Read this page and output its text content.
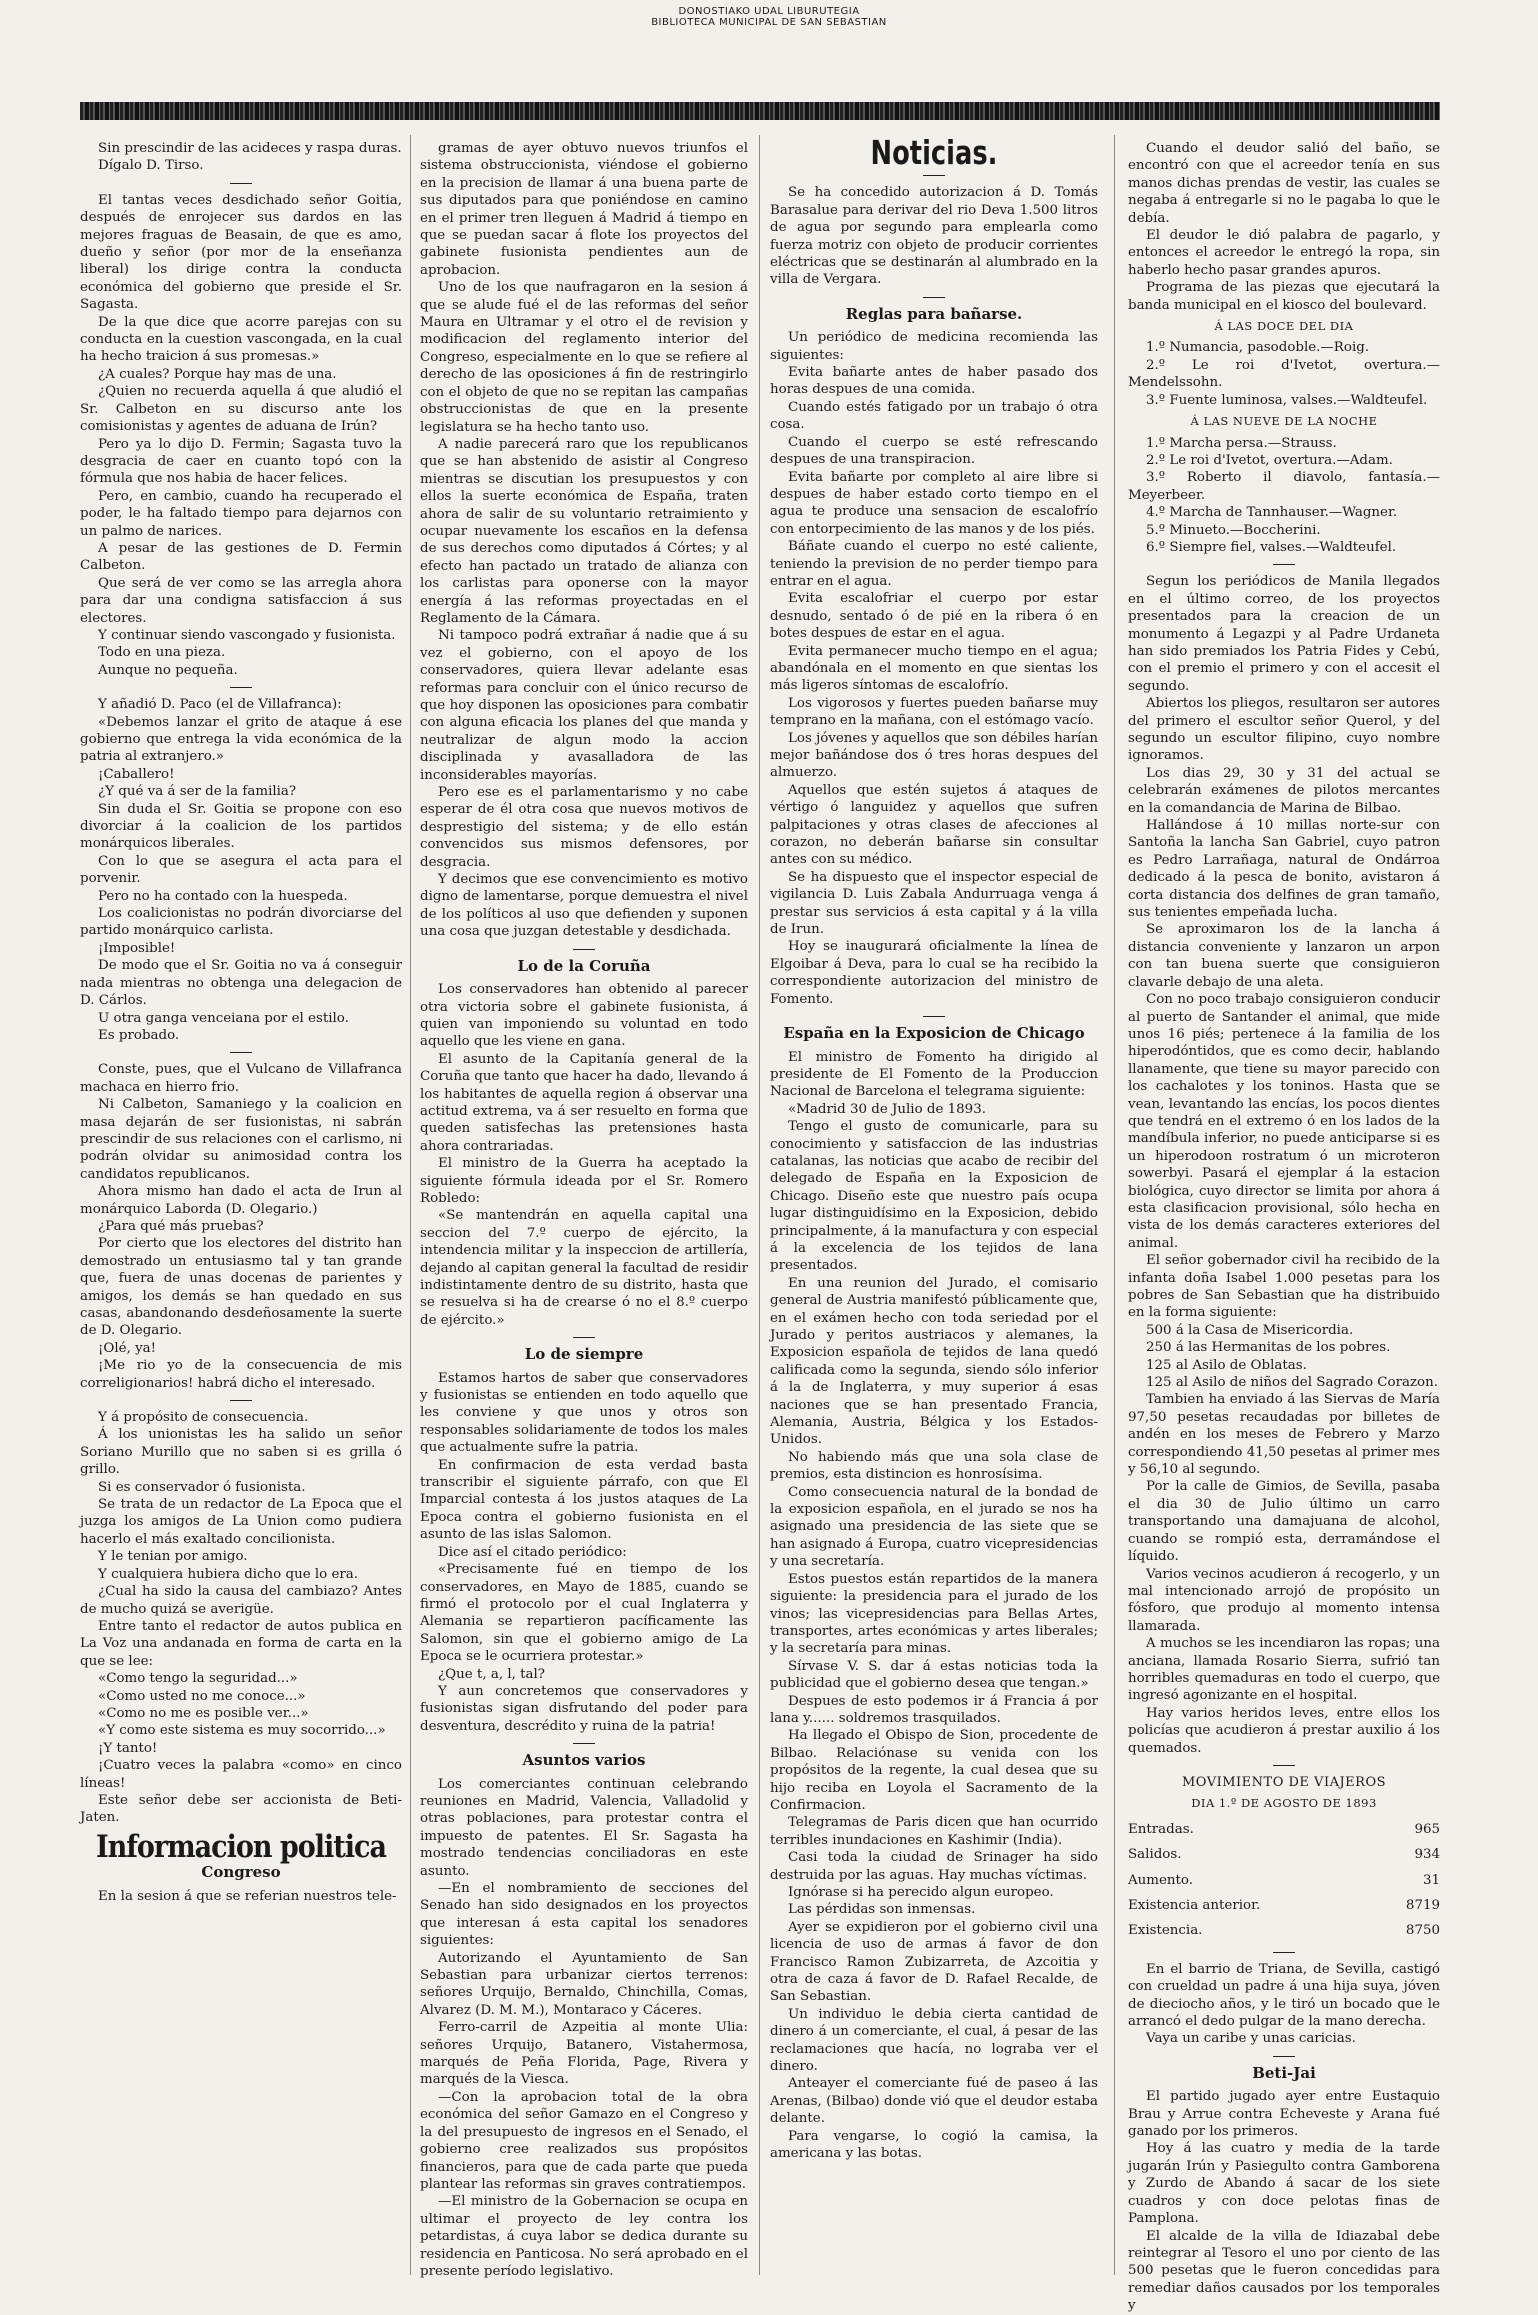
DONOSTIAKO UDAL LIBURUTEGIA
BIBLIOTECA MUNICIPAL DE SAN SEBASTIAN

Sin prescindir de las acideces y raspa duras.

Dígalo D. Tirso.

El tantas veces desdichado señor Goitia, después de enrojecer sus dardos en las mejores fraguas de Beasain, de que es amo, dueño y señor (por mor de la enseñanza liberal) los dirige contra la conducta económica del gobierno que preside el Sr. Sagasta.

De la que dice que acorre parejas con su conducta en la cuestion vascongada, en la cual ha hecho traicion á sus promesas.»

¿A cuales? Porque hay mas de una.

¿Quien no recuerda aquella á que aludió el Sr. Calbeton en su discurso ante los comisionistas y agentes de aduana de Irún?

Pero ya lo dijo D. Fermin; Sagasta tuvo la desgracia de caer en cuanto topó con la fórmula que nos habia de hacer felices.

Pero, en cambio, cuando ha recuperado el poder, le ha faltado tiempo para dejarnos con un palmo de narices.

A pesar de las gestiones de D. Fermin Calbeton.

Que será de ver como se las arregla ahora para dar una condigna satisfaccion á sus electores.

Y continuar siendo vascongado y fusionista.

Todo en una pieza.

Aunque no pequeña.

Y añadió D. Paco (el de Villafranca):

«Debemos lanzar el grito de ataque á ese gobierno que entrega la vida económica de la patria al extranjero.»

¡Caballero!

¿Y qué va á ser de la familia?

Sin duda el Sr. Goitia se propone con eso divorciar á la coalicion de los partidos monárquicos liberales.

Con lo que se asegura el acta para el porvenir.

Pero no ha contado con la huespeda.

Los coalicionistas no podrán divorciarse del partido monárquico carlista.

¡Imposible!

De modo que el Sr. Goitia no va á conseguir nada mientras no obtenga una delegacion de D. Cárlos.

U otra ganga venceiana por el estilo.

Es probado.

Conste, pues, que el Vulcano de Villafranca machaca en hierro frio.

Ni Calbeton, Samaniego y la coalicion en masa dejarán de ser fusionistas, ni sabrán prescindir de sus relaciones con el carlismo, ni podrán olvidar su animosidad contra los candidatos republicanos.

Ahora mismo han dado el acta de Irun al monárquico Laborda (D. Olegario.)

¿Para qué más pruebas?

Por cierto que los electores del distrito han demostrado un entusiasmo tal y tan grande que, fuera de unas docenas de parientes y amigos, los demás se han quedado en sus casas, abandonando desdeñosamente la suerte de D. Olegario.

¡Olé, ya!

¡Me rio yo de la consecuencia de mis correligionarios! habrá dicho el interesado.

Y á propósito de consecuencia.

Á los unionistas les ha salido un señor Soriano Murillo que no saben si es grilla ó grillo.

Si es conservador ó fusionista.

Se trata de un redactor de La Epoca que el juzga los amigos de La Union como pudiera hacerlo el más exaltado concilionista.

Y le tenian por amigo.

Y cualquiera hubiera dicho que lo era.

¿Cual ha sido la causa del cambiazo? Antes de mucho quizá se averigüe.

Entre tanto el redactor de autos publica en La Voz una andanada en forma de carta en la que se lee:

«Como tengo la seguridad...»

«Como usted no me conoce...»

«Como no me es posible ver...»

«Y como este sistema es muy socorrido...»

¡Y tanto!

¡Cuatro veces la palabra «como» en cinco líneas!

Este señor debe ser accionista de Beti-Jaten.

Informacion politica
Congreso

En la sesion á que se referian nuestros tele-

gramas de ayer obtuvo nuevos triunfos el sistema obstruccionista, viéndose el gobierno en la precision de llamar á una buena parte de sus diputados para que poniéndose en camino en el primer tren lleguen á Madrid á tiempo en que se puedan sacar á flote los proyectos del gabinete fusionista pendientes aun de aprobacion.

Uno de los que naufragaron en la sesion á que se alude fué el de las reformas del señor Maura en Ultramar y el otro el de revision y modificacion del reglamento interior del Congreso, especialmente en lo que se refiere al derecho de las oposiciones á fin de restringirlo con el objeto de que no se repitan las campañas obstruccionistas de que en la presente legislatura se ha hecho tanto uso.

A nadie parecerá raro que los republicanos que se han abstenido de asistir al Congreso mientras se discutian los presupuestos y con ellos la suerte económica de España, traten ahora de salir de su voluntario retraimiento y ocupar nuevamente los escaños en la defensa de sus derechos como diputados á Córtes; y al efecto han pactado un tratado de alianza con los carlistas para oponerse con la mayor energía á las reformas proyectadas en el Reglamento de la Cámara.

Ni tampoco podrá extrañar á nadie que á su vez el gobierno, con el apoyo de los conservadores, quiera llevar adelante esas reformas para concluir con el único recurso de que hoy disponen las oposiciones para combatir con alguna eficacia los planes del que manda y neutralizar de algun modo la accion disciplinada y avasalladora de las inconsiderables mayorías.

Pero ese es el parlamentarismo y no cabe esperar de él otra cosa que nuevos motivos de desprestigio del sistema; y de ello están convencidos sus mismos defensores, por desgracia.

Y decimos que ese convencimiento es motivo digno de lamentarse, porque demuestra el nivel de los políticos al uso que defienden y suponen una cosa que juzgan detestable y desdichada.

Lo de la Coruña

Los conservadores han obtenido al parecer otra victoria sobre el gabinete fusionista, á quien van imponiendo su voluntad en todo aquello que les viene en gana.

El asunto de la Capitanía general de la Coruña que tanto que hacer ha dado, llevando á los habitantes de aquella region á observar una actitud extrema, va á ser resuelto en forma que queden satisfechas las pretensiones hasta ahora contrariadas.

El ministro de la Guerra ha aceptado la siguiente fórmula ideada por el Sr. Romero Robledo:

«Se mantendrán en aquella capital una seccion del 7.º cuerpo de ejército, la intendencia militar y la inspeccion de artillería, dejando al capitan general la facultad de residir indistintamente dentro de su distrito, hasta que se resuelva si ha de crearse ó no el 8.º cuerpo de ejército.»

Lo de siempre

Estamos hartos de saber que conservadores y fusionistas se entienden en todo aquello que les conviene y que unos y otros son responsables solidariamente de todos los males que actualmente sufre la patria.

En confirmacion de esta verdad basta transcribir el siguiente párrafo, con que El Imparcial contesta á los justos ataques de La Epoca contra el gobierno fusionista en el asunto de las islas Salomon.

Dice así el citado periódico:

«Precisamente fué en tiempo de los conservadores, en Mayo de 1885, cuando se firmó el protocolo por el cual Inglaterra y Alemania se repartieron pacíficamente las Salomon, sin que el gobierno amigo de La Epoca se le ocurriera protestar.»

¿Que t, a, l, tal?

Y aun concretemos que conservadores y fusionistas sigan disfrutando del poder para desventura, descrédito y ruina de la patria!

Asuntos varios

Los comerciantes continuan celebrando reuniones en Madrid, Valencia, Valladolid y otras poblaciones, para protestar contra el impuesto de patentes. El Sr. Sagasta ha mostrado tendencias conciliadoras en este asunto.

—En el nombramiento de secciones del Senado han sido designados en los proyectos que interesan á esta capital los senadores siguientes:

Autorizando el Ayuntamiento de San Sebastian para urbanizar ciertos terrenos: señores Urquijo, Bernaldo, Chinchilla, Comas, Alvarez (D. M. M.), Montaraco y Cáceres.

Ferro-carril de Azpeitia al monte Ulia: señores Urquijo, Batanero, Vistahermosa, marqués de Peña Florida, Page, Rivera y marqués de la Viesca.

—Con la aprobacion total de la obra económica del señor Gamazo en el Congreso y la del presupuesto de ingresos en el Senado, el gobierno cree realizados sus propósitos financieros, para que de cada parte que pueda plantear las reformas sin graves contratiempos.

—El ministro de la Gobernacion se ocupa en ultimar el proyecto de ley contra los petardistas, á cuya labor se dedica durante su residencia en Panticosa. No será aprobado en el presente período legislativo.

Noticias.

Se ha concedido autorizacion á D. Tomás Barasalue para derivar del rio Deva 1.500 litros de agua por segundo para emplearla como fuerza motriz con objeto de producir corrientes eléctricas que se destinarán al alumbrado en la villa de Vergara.

Reglas para bañarse.

Un periódico de medicina recomienda las siguientes:

Evita bañarte antes de haber pasado dos horas despues de una comida.

Cuando estés fatigado por un trabajo ó otra cosa.

Cuando el cuerpo se esté refrescando despues de una transpiracion.

Evita bañarte por completo al aire libre si despues de haber estado corto tiempo en el agua te produce una sensacion de escalofrío con entorpecimiento de las manos y de los piés.

Báñate cuando el cuerpo no esté caliente, teniendo la prevision de no perder tiempo para entrar en el agua.

Evita escalofriar el cuerpo por estar desnudo, sentado ó de pié en la ribera ó en botes despues de estar en el agua.

Evita permanecer mucho tiempo en el agua; abandónala en el momento en que sientas los más ligeros síntomas de escalofrío.

Los vigorosos y fuertes pueden bañarse muy temprano en la mañana, con el estómago vacío.

Los jóvenes y aquellos que son débiles harían mejor bañándose dos ó tres horas despues del almuerzo.

Aquellos que estén sujetos á ataques de vértigo ó languidez y aquellos que sufren palpitaciones y otras clases de afecciones al corazon, no deberán bañarse sin consultar antes con su médico.

Se ha dispuesto que el inspector especial de vigilancia D. Luis Zabala Andurruaga venga á prestar sus servicios á esta capital y á la villa de Irun.

Hoy se inaugurará oficialmente la línea de Elgoibar á Deva, para lo cual se ha recibido la correspondiente autorizacion del ministro de Fomento.

España en la Exposicion de Chicago

El ministro de Fomento ha dirigido al presidente de El Fomento de la Produccion Nacional de Barcelona el telegrama siguiente:

«Madrid 30 de Julio de 1893.

Tengo el gusto de comunicarle, para su conocimiento y satisfaccion de las industrias catalanas, las noticias que acabo de recibir del delegado de España en la Exposicion de Chicago. Diseño este que nuestro país ocupa lugar distinguidísimo en la Exposicion, debido principalmente, á la manufactura y con especial á la excelencia de los tejidos de lana presentados.

En una reunion del Jurado, el comisario general de Austria manifestó públicamente que, en el exámen hecho con toda seriedad por el Jurado y peritos austriacos y alemanes, la Exposicion española de tejidos de lana quedó calificada como la segunda, siendo sólo inferior á la de Inglaterra, y muy superior á esas naciones que se han presentado Francia, Alemania, Austria, Bélgica y los Estados-Unidos.

No habiendo más que una sola clase de premios, esta distincion es honrosísima.

Como consecuencia natural de la bondad de la exposicion española, en el jurado se nos ha asignado una presidencia de las siete que se han asignado á Europa, cuatro vicepresidencias y una secretaría.

Estos puestos están repartidos de la manera siguiente: la presidencia para el jurado de los vinos; las vicepresidencias para Bellas Artes, transportes, artes económicas y artes liberales; y la secretaría para minas.

Sírvase V. S. dar á estas noticias toda la publicidad que el gobierno desea que tengan.»

Despues de esto podemos ir á Francia á por lana y...... soldremos trasquilados.

Ha llegado el Obispo de Sion, procedente de Bilbao. Relaciónase su venida con los propósitos de la regente, la cual desea que su hijo reciba en Loyola el Sacramento de la Confirmacion.

Telegramas de Paris dicen que han ocurrido terribles inundaciones en Kashimir (India).

Casi toda la ciudad de Srinager ha sido destruida por las aguas. Hay muchas víctimas.

Ignórase si ha perecido algun europeo.

Las pérdidas son inmensas.

Ayer se expidieron por el gobierno civil una licencia de uso de armas á favor de don Francisco Ramon Zubizarreta, de Azcoitia y otra de caza á favor de D. Rafael Recalde, de San Sebastian.

Un individuo le debia cierta cantidad de dinero á un comerciante, el cual, á pesar de las reclamaciones que hacía, no lograba ver el dinero.

Anteayer el comerciante fué de paseo á las Arenas, (Bilbao) donde vió que el deudor estaba delante.

Para vengarse, lo cogió la camisa, la americana y las botas.

Cuando el deudor salió del baño, se encontró con que el acreedor tenía en sus manos dichas prendas de vestir, las cuales se negaba á entregarle si no le pagaba lo que le debía.

El deudor le dió palabra de pagarlo, y entonces el acreedor le entregó la ropa, sin haberlo hecho pasar grandes apuros.

Programa de las piezas que ejecutará la banda municipal en el kiosco del boulevard.

Á LAS DOCE DEL DIA

1.º Numancia, pasodoble.—Roig.

2.º Le roi d'Ivetot, overtura.—Mendelssohn.

3.º Fuente luminosa, valses.—Waldteufel.

Á LAS NUEVE DE LA NOCHE

1.º Marcha persa.—Strauss.

2.º Le roi d'Ivetot, overtura.—Adam.

3.º Roberto il diavolo, fantasía.—Meyerbeer.

4.º Marcha de Tannhauser.—Wagner.

5.º Minueto.—Boccherini.

6.º Siempre fiel, valses.—Waldteufel.

Segun los periódicos de Manila llegados en el último correo, de los proyectos presentados para la creacion de un monumento á Legazpi y al Padre Urdaneta han sido premiados los Patria Fides y Cebú, con el premio el primero y con el accesit el segundo.

Abiertos los pliegos, resultaron ser autores del primero el escultor señor Querol, y del segundo un escultor filipino, cuyo nombre ignoramos.

Los dias 29, 30 y 31 del actual se celebrarán exámenes de pilotos mercantes en la comandancia de Marina de Bilbao.

Hallándose á 10 millas norte-sur con Santoña la lancha San Gabriel, cuyo patron es Pedro Larrañaga, natural de Ondárroa dedicado á la pesca de bonito, avistaron á corta distancia dos delfines de gran tamaño, sus tenientes empeñada lucha.

Se aproximaron los de la lancha á distancia conveniente y lanzaron un arpon con tan buena suerte que consiguieron clavarle debajo de una aleta.

Con no poco trabajo consiguieron conducir al puerto de Santander el animal, que mide unos 16 piés; pertenece á la familia de los hiperodóntidos, que es como decir, hablando llanamente, que tiene su mayor parecido con los cachalotes y los toninos. Hasta que se vean, levantando las encías, los pocos dientes que tendrá en el extremo ó en los lados de la mandíbula inferior, no puede anticiparse si es un hiperodoon rostratum ó un microteron sowerbyi. Pasará el ejemplar á la estacion biológica, cuyo director se limita por ahora á esta clasificacion provisional, sólo hecha en vista de los demás caracteres exteriores del animal.

El señor gobernador civil ha recibido de la infanta doña Isabel 1.000 pesetas para los pobres de San Sebastian que ha distribuido en la forma siguiente:

500 á la Casa de Misericordia.

250 á las Hermanitas de los pobres.

125 al Asilo de Oblatas.

125 al Asilo de niños del Sagrado Corazon.

Tambien ha enviado á las Siervas de María 97,50 pesetas recaudadas por billetes de andén en los meses de Febrero y Marzo correspondiendo 41,50 pesetas al primer mes y 56,10 al segundo.

Por la calle de Gimios, de Sevilla, pasaba el dia 30 de Julio último un carro transportando una damajuana de alcohol, cuando se rompió esta, derramándose el líquido.

Varios vecinos acudieron á recogerlo, y un mal intencionado arrojó de propósito un fósforo, que produjo al momento intensa llamarada.

A muchos se les incendiaron las ropas; una anciana, llamada Rosario Sierra, sufrió tan horribles quemaduras en todo el cuerpo, que ingresó agonizante en el hospital.

Hay varios heridos leves, entre ellos los policías que acudieron á prestar auxilio á los quemados.

MOVIMIENTO DE VIAJEROS

DIA 1.º DE AGOSTO DE 1893

Entradas.	965
Salidos.	934
Aumento.	31
Existencia anterior.	8719
Existencia.	8750

En el barrio de Triana, de Sevilla, castigó con crueldad un padre á una hija suya, jóven de dieciocho años, y le tiró un bocado que le arrancó el dedo pulgar de la mano derecha.

Vaya un caribe y unas caricias.

Beti-Jai

El partido jugado ayer entre Eustaquio Brau y Arrue contra Echeveste y Arana fué ganado por los primeros.

Hoy á las cuatro y media de la tarde jugarán Irún y Pasiegulto contra Gamborena y Zurdo de Abando á sacar de los siete cuadros y con doce pelotas finas de Pamplona.

El alcalde de la villa de Idiazabal debe reintegrar al Tesoro el uno por ciento de las 500 pesetas que le fueron concedidas para remediar daños causados por los temporales y
